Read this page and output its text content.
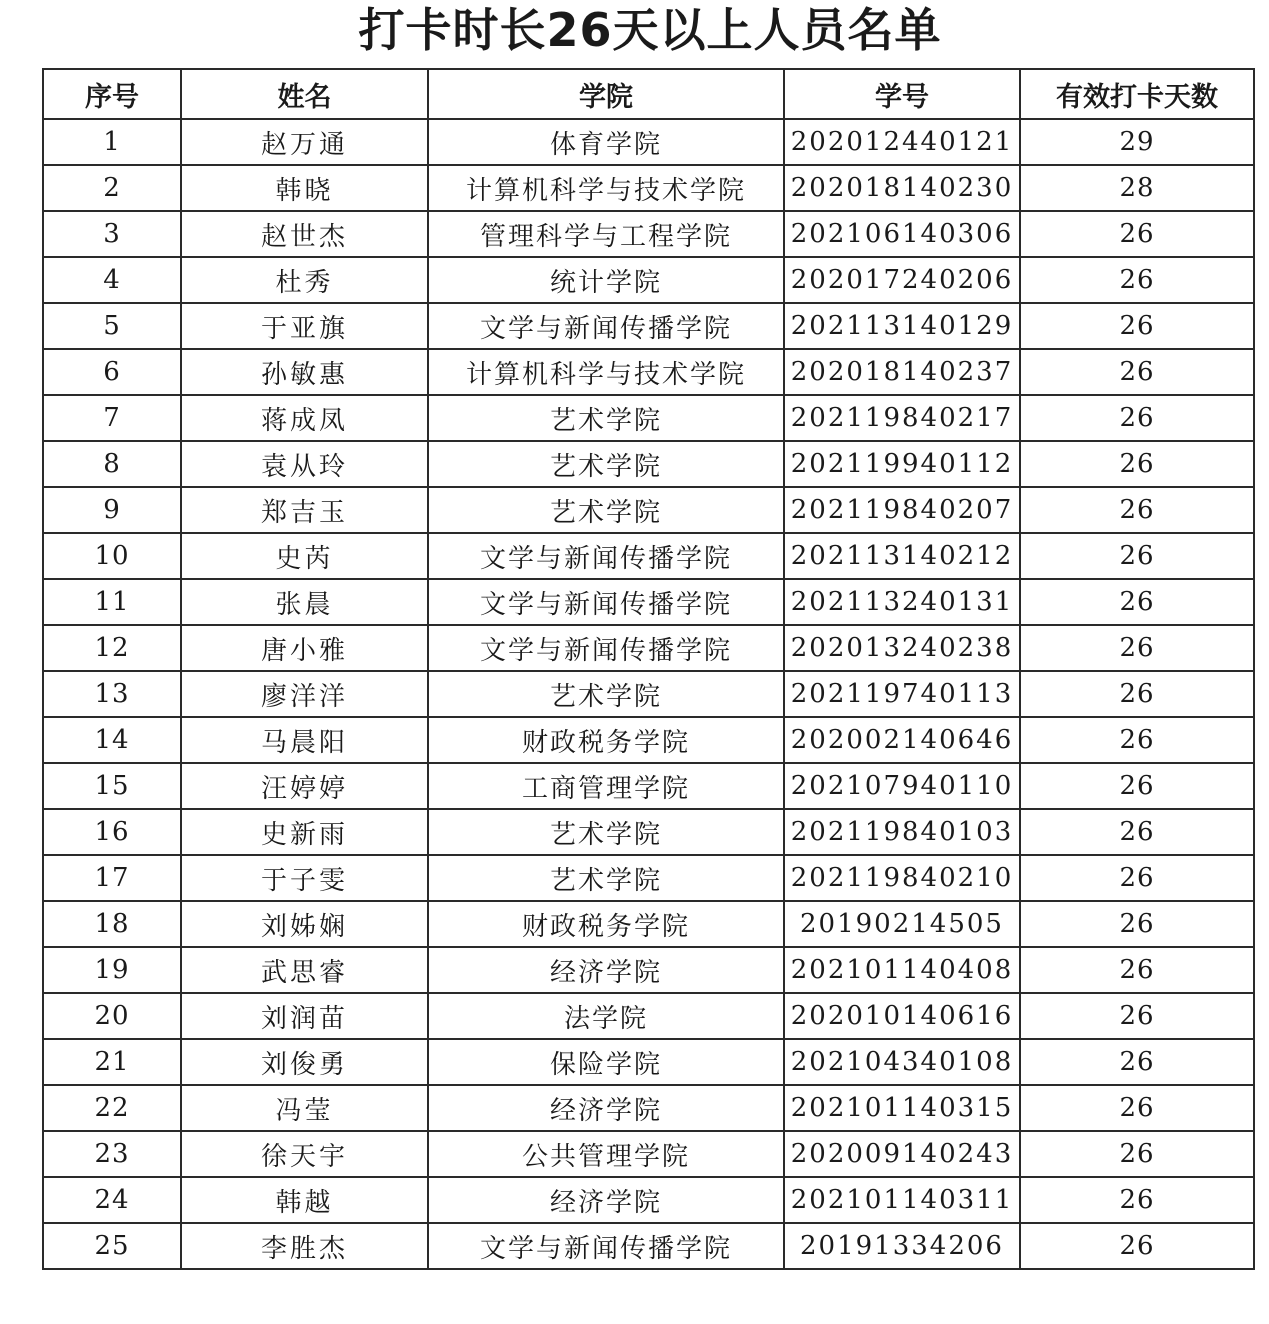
打卡时长26天以上人员名单
序号	姓名	学院	学号	有效打卡天数
1	赵万通	体育学院	202012440121	29
2	韩晓	计算机科学与技术学院	202018140230	28
3	赵世杰	管理科学与工程学院	202106140306	26
4	杜秀	统计学院	202017240206	26
5	于亚旗	文学与新闻传播学院	202113140129	26
6	孙敏惠	计算机科学与技术学院	202018140237	26
7	蒋成凤	艺术学院	202119840217	26
8	袁从玲	艺术学院	202119940112	26
9	郑吉玉	艺术学院	202119840207	26
10	史芮	文学与新闻传播学院	202113140212	26
11	张晨	文学与新闻传播学院	202113240131	26
12	唐小雅	文学与新闻传播学院	202013240238	26
13	廖洋洋	艺术学院	202119740113	26
14	马晨阳	财政税务学院	202002140646	26
15	汪婷婷	工商管理学院	202107940110	26
16	史新雨	艺术学院	202119840103	26
17	于子雯	艺术学院	202119840210	26
18	刘姊娴	财政税务学院	20190214505	26
19	武思睿	经济学院	202101140408	26
20	刘润苗	法学院	202010140616	26
21	刘俊勇	保险学院	202104340108	26
22	冯莹	经济学院	202101140315	26
23	徐天宇	公共管理学院	202009140243	26
24	韩越	经济学院	202101140311	26
25	李胜杰	文学与新闻传播学院	20191334206	26
